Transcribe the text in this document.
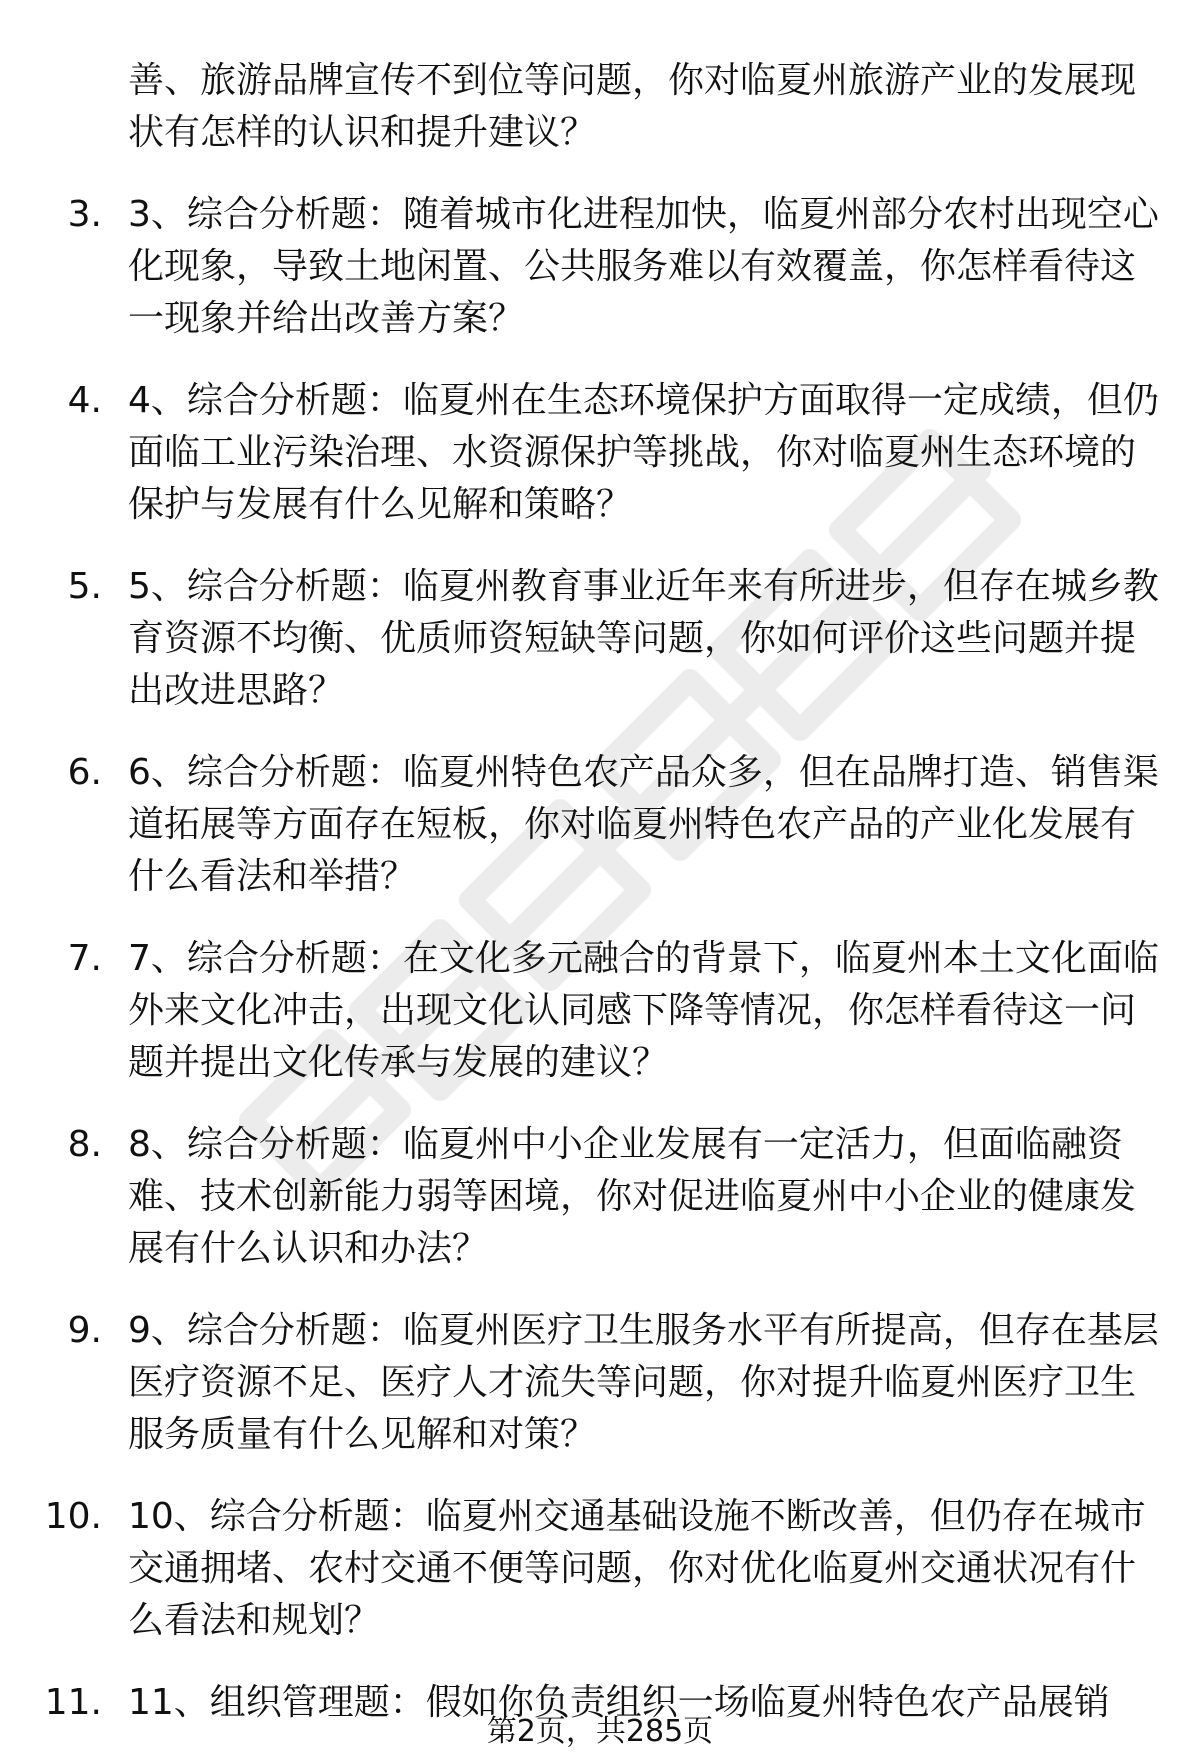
善、旅游品牌宣传不到位等问题，你对临夏州旅游产业的发展现

状有怎样的认识和提升建议？

3. 3、综合分析题：随着城市化进程加快，临夏州部分农村出现空心

化现象，导致土地闲置、公共服务难以有效覆盖，你怎样看待这

一现象并给出改善方案？

4. 4、综合分析题：临夏州在生态环境保护方面取得一定成绩，但仍

面临工业污染治理、水资源保护等挑战，你对临夏州生态环境的

保护与发展有什么见解和策略？

5. 5、综合分析题：临夏州教育事业近年来有所进步，但存在城乡教

育资源不均衡、优质师资短缺等问题，你如何评价这些问题并提

出改进思路？

6. 6、综合分析题：临夏州特色农产品众多，但在品牌打造、销售渠

道拓展等方面存在短板，你对临夏州特色农产品的产业化发展有

什么看法和举措？

7. 7、综合分析题：在文化多元融合的背景下，临夏州本土文化面临

外来文化冲击，出现文化认同感下降等情况，你怎样看待这一问

题并提出文化传承与发展的建议？

8. 8、综合分析题：临夏州中小企业发展有一定活力，但面临融资

难、技术创新能力弱等困境，你对促进临夏州中小企业的健康发

展有什么认识和办法？

9. 9、综合分析题：临夏州医疗卫生服务水平有所提高，但存在基层

医疗资源不足、医疗人才流失等问题，你对提升临夏州医疗卫生

服务质量有什么见解和对策？

10. 10、综合分析题：临夏州交通基础设施不断改善，但仍存在城市

交通拥堵、农村交通不便等问题，你对优化临夏州交通状况有什

么看法和规划？

11. 11、组织管理题：假如你负责组织一场临夏州特色农产品展销

第2页，共285页
